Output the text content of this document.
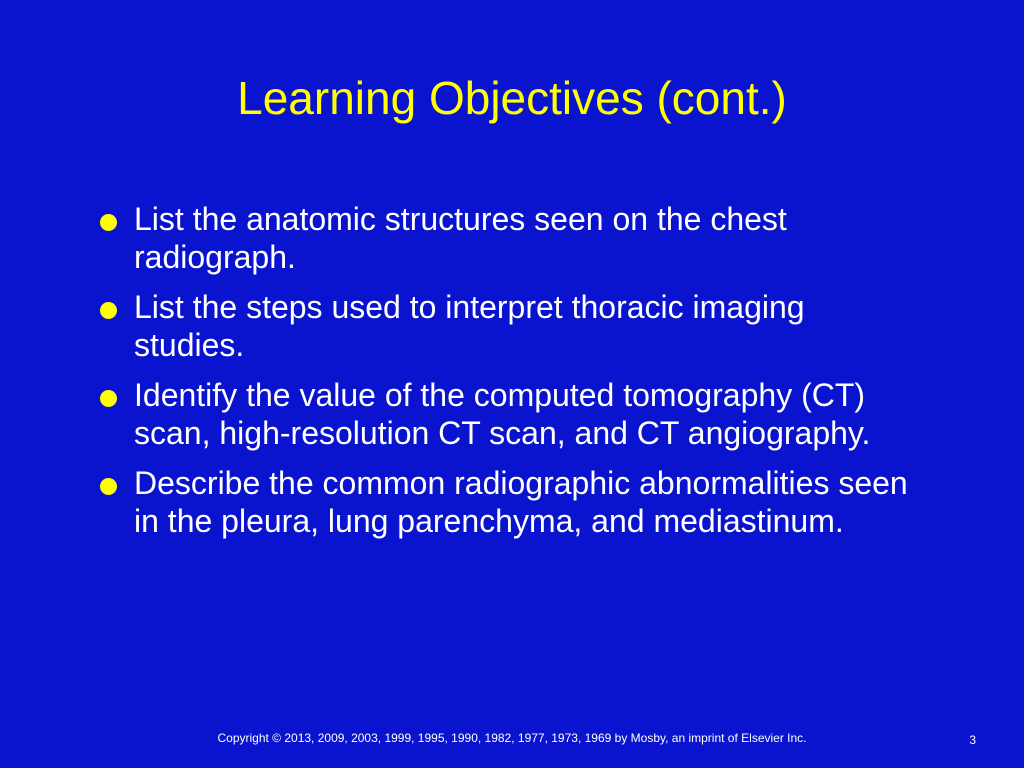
Learning Objectives (cont.)
List the anatomic structures seen on the chest radiograph.
List the steps used to interpret thoracic imaging studies.
Identify the value of the computed tomography (CT) scan, high-resolution CT scan, and CT angiography.
Describe the common radiographic abnormalities seen in the pleura, lung parenchyma, and mediastinum.
Copyright © 2013, 2009, 2003, 1999, 1995, 1990, 1982, 1977, 1973, 1969 by Mosby, an imprint of Elsevier Inc.	3
